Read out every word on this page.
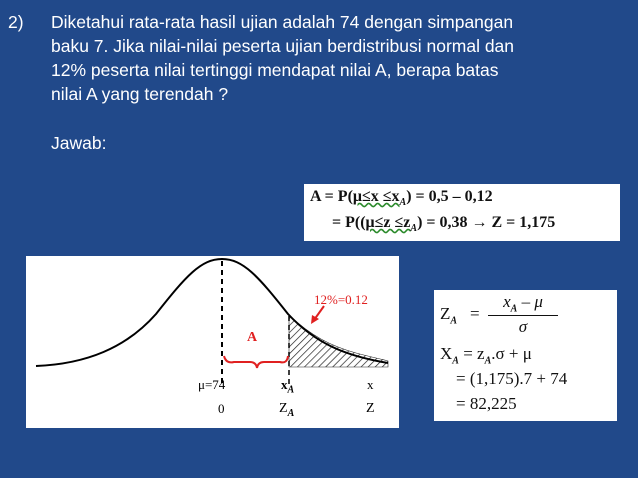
2) Diketahui rata-rata hasil ujian adalah 74 dengan simpangan
baku 7. Jika nilai-nilai peserta ujian berdistribusi normal dan
12% peserta nilai tertinggi mendapat nilai A, berapa batas
nilai A yang terendah ?
Jawab:
$A = P(\mu\le x \le x_A) = 0,5 - 0,12$
= $P((\mu\le z \le z_A) = 0,38 \to Z = 1,175$
12%=0.12
A
μ=74	$x_A$	x
0	$Z_A$	Z
$Z_A = \frac{x_A - \mu}{\sigma}$
$X_A = z_A.\sigma + \mu$
= (1,175).7 + 74
= 82,225
